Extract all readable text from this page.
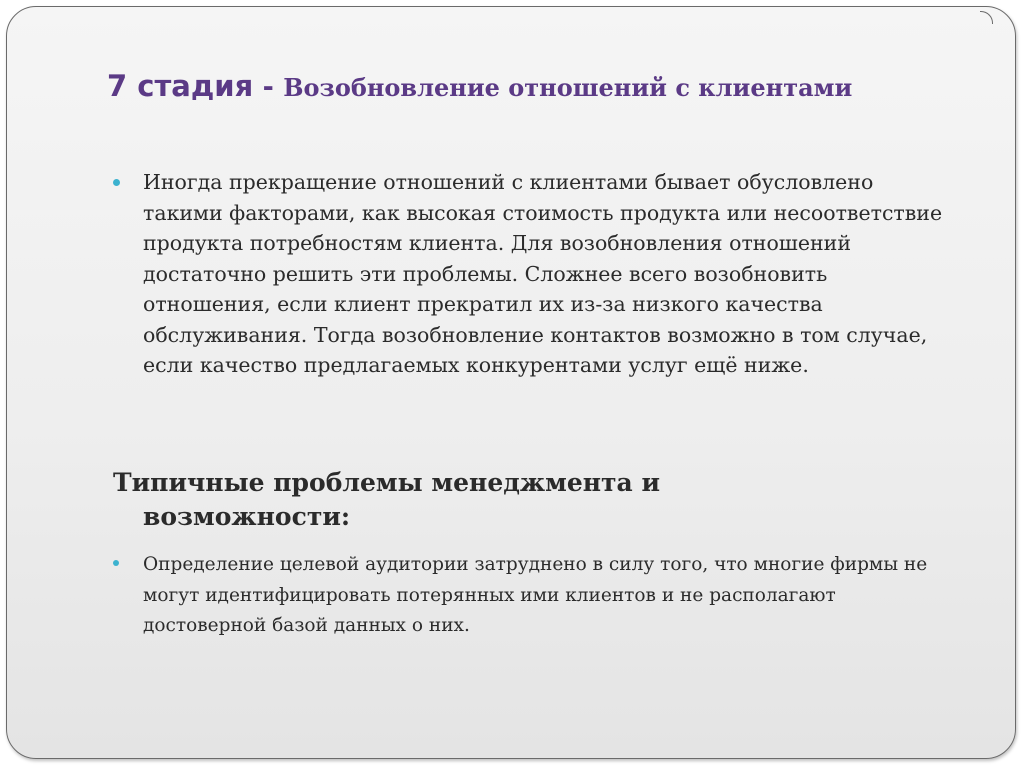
7 стадия - Возобновление отношений с клиентами
Иногда прекращение отношений с клиентами бывает обусловлено такими факторами, как высокая стоимость продукта или несоответствие продукта потребностям клиента. Для возобновления отношений достаточно решить эти проблемы. Сложнее всего возобновить отношения, если клиент прекратил их из-за низкого качества обслуживания. Тогда возобновление контактов возможно в том случае, если качество предлагаемых конкурентами услуг ещё ниже.
Типичные проблемы менеджмента и
возможности:
Определение целевой аудитории затруднено в силу того, что многие фирмы не могут идентифицировать потерянных ими клиентов и не располагают достоверной базой данных о них.
